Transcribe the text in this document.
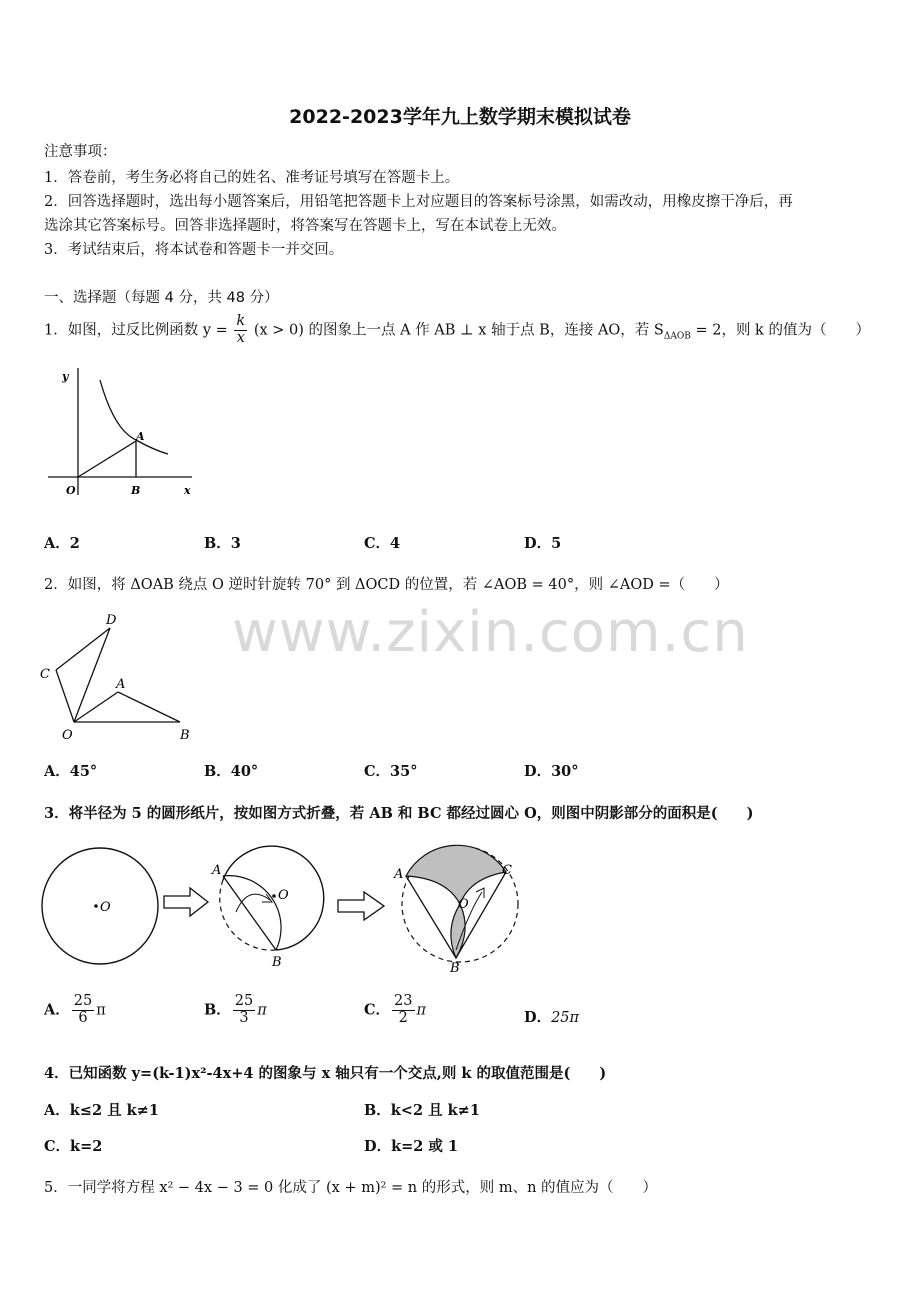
2022-2023学年九上数学期末模拟试卷
注意事项：
1．答卷前，考生务必将自己的姓名、准考证号填写在答题卡上。
2．回答选择题时，选出每小题答案后，用铅笔把答题卡上对应题目的答案标号涂黑，如需改动，用橡皮擦干净后，再
选涂其它答案标号。回答非选择题时，将答案写在答题卡上，写在本试卷上无效。
3．考试结束后，将本试卷和答题卡一并交回。
一、选择题（每题 4 分，共 48 分）
www.zixin.com.cn
1．如图，过反比例函数 $y = \frac{k}{x} (x > 0)$ 的图象上一点 A 作 AB ⊥ x 轴于点 B，连接 AO，若 $S_{\Delta AOB} = 2$，则 k 的值为（　　）
y
x
O
A
B
A．2	B．3	C．4	D．5
2．如图，将 ΔOAB 绕点 O 逆时针旋转 70° 到 ΔOCD 的位置，若 ∠AOB = 40°，则 ∠AOD =（　　）
D
C
A
O	B
A．45°	B．40°	C．35°	D．30°
3．将半径为 5 的圆形纸片，按如图方式折叠，若 AB 和 BC 都经过圆心 O，则图中阴影部分的面积是(　　)
O
O
A
B
O
A	C
B
A． $\frac{25}{6}$ π	B． $\frac{25}{3}$ π	C． $\frac{23}{2}$ π	D．25π
4．已知函数 y=(k-1)x²-4x+4 的图象与 x 轴只有一个交点,则 k 的取值范围是(　　)
A．k≤2 且 k≠1	B．k<2 且 k≠1
C．k=2	D．k=2 或 1
5．一同学将方程 x² − 4x − 3 = 0 化成了 (x + m)² = n 的形式，则 m、n 的值应为（　　）
